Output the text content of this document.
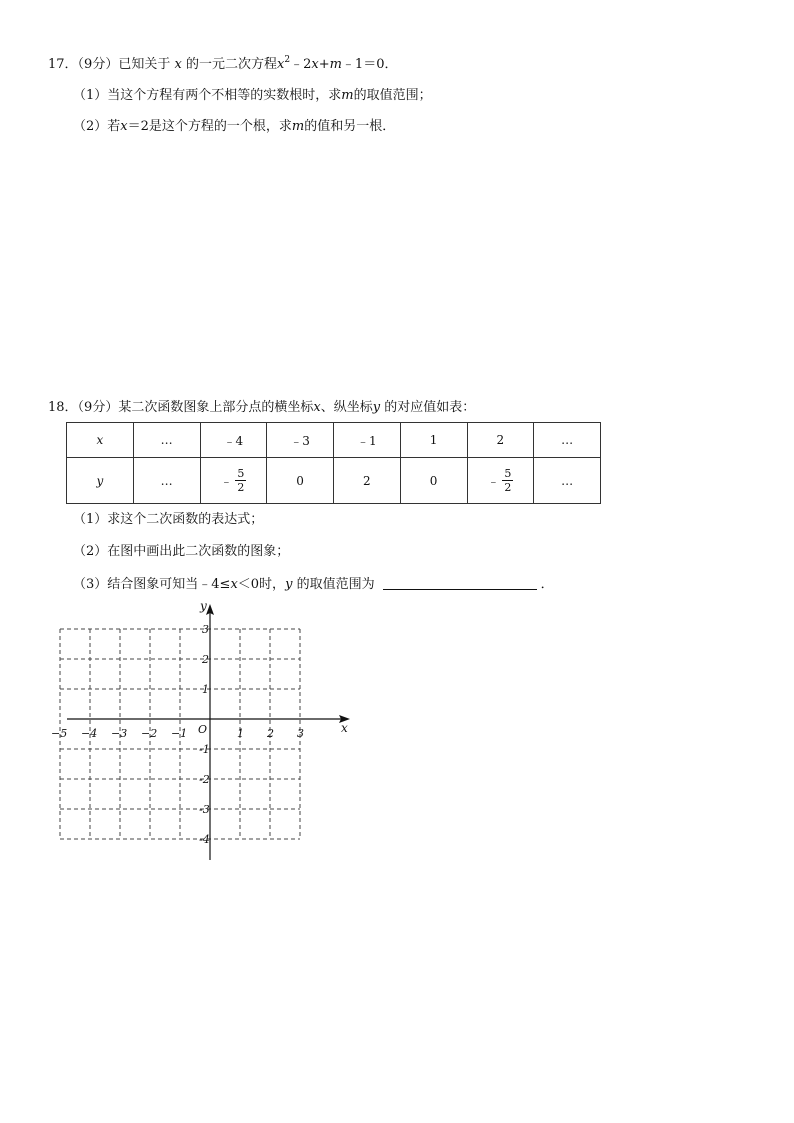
17．（9分）已知关于 x 的一元二次方程$x^2﹣2x+m﹣1=0$．
（1）当这个方程有两个不相等的实数根时，求m的取值范围；
（2）若x＝2是这个方程的一个根，求m的值和另一根．
18．（9分）某二次函数图象上部分点的横坐标x、纵坐标y 的对应值如表：
x	…	﹣4	﹣3	﹣1	1	2	…
y	…	﹣ $\frac{5}{2}$	0	2	0	﹣ $\frac{5}{2}$	…
（1）求这个二次函数的表达式；
（2）在图中画出此二次函数的图象；
（3）结合图象可知当﹣4≤x＜0时，y 的取值范围为	．
x
y
O
−5 −4 −3 −2 −1	1 2 3
3
2
1
-1
-2
-3
-4
